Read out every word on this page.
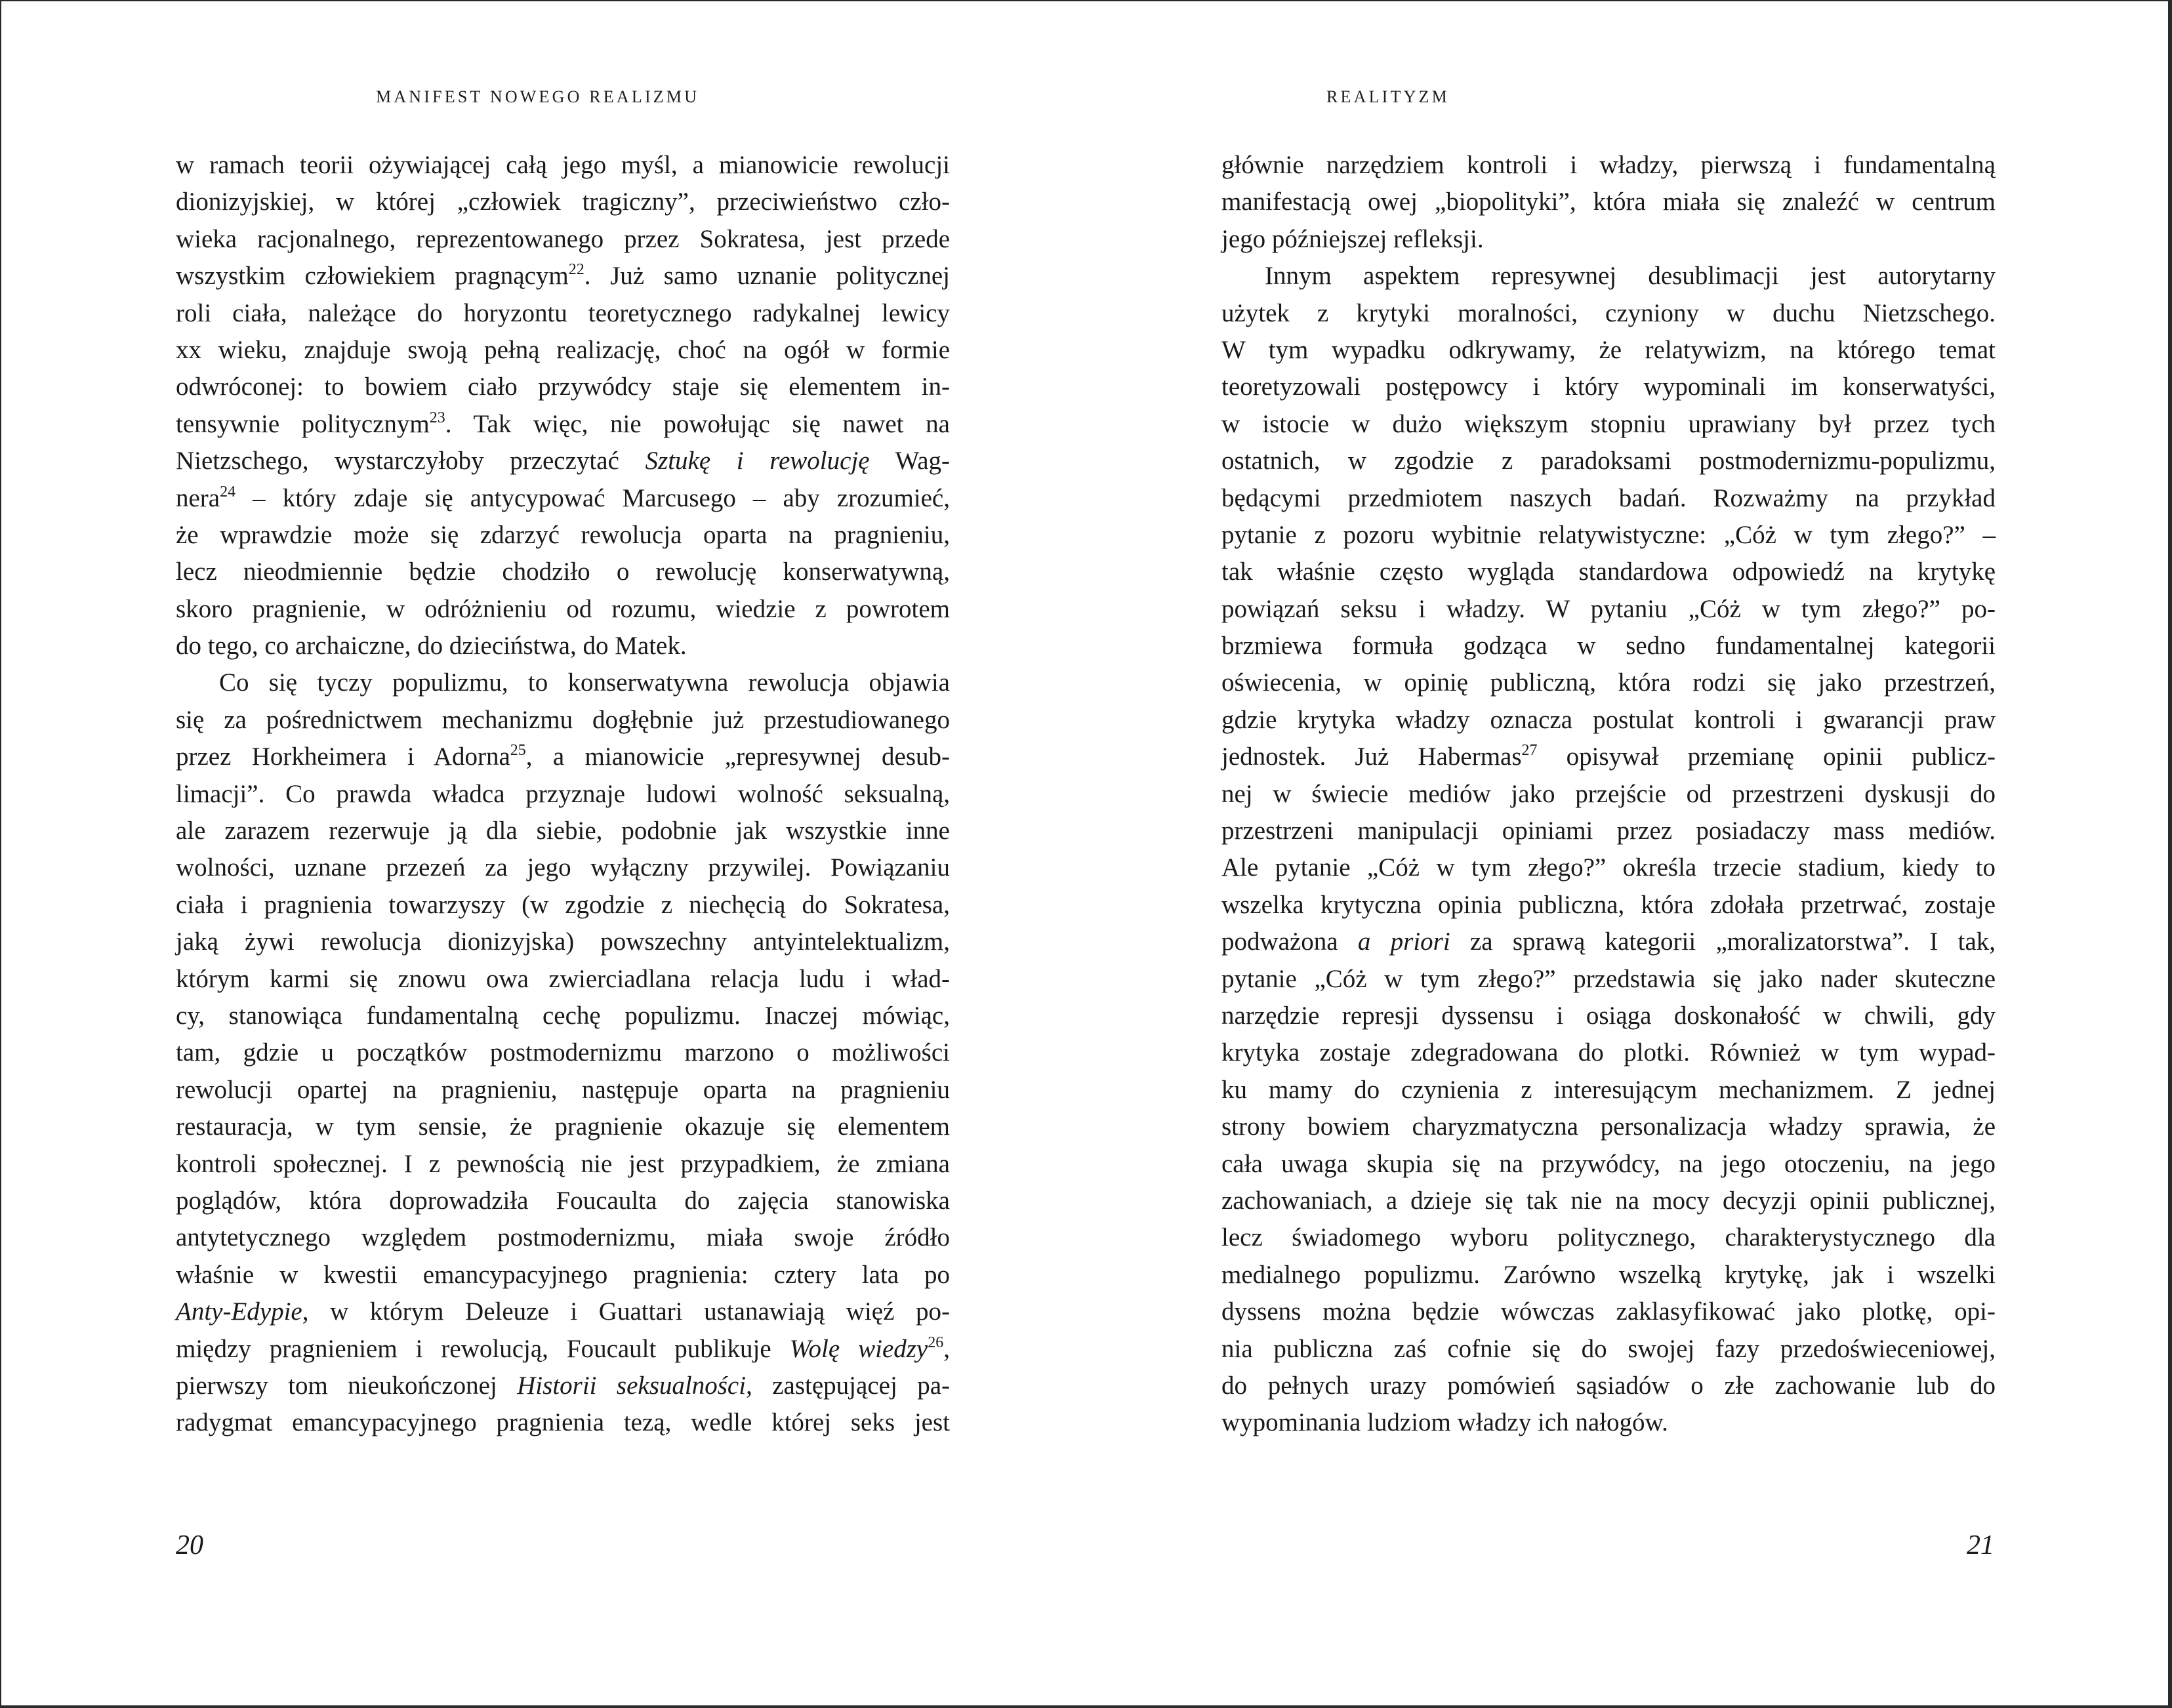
MANIFEST NOWEGO REALIZMU
w ramach teorii ożywiającej całą jego myśl, a mianowicie rewolucji
dionizyjskiej, w której „człowiek tragiczny”, przeciwieństwo czło-
wieka racjonalnego, reprezentowanego przez Sokratesa, jest przede
wszystkim człowiekiem pragnącym$^{22}$. Już samo uznanie politycznej
roli ciała, należące do horyzontu teoretycznego radykalnej lewicy
xx wieku, znajduje swoją pełną realizację, choć na ogół w formie
odwróconej: to bowiem ciało przywódcy staje się elementem in-
tensywnie politycznym$^{23}$. Tak więc, nie powołując się nawet na
Nietzschego, wystarczyłoby przeczytać Sztukę i rewolucję Wag-
nera$^{24}$ – który zdaje się antycypować Marcusego – aby zrozumieć,
że wprawdzie może się zdarzyć rewolucja oparta na pragnieniu,
lecz nieodmiennie będzie chodziło o rewolucję konserwatywną,
skoro pragnienie, w odróżnieniu od rozumu, wiedzie z powrotem
do tego, co archaiczne, do dzieciństwa, do Matek.
Co się tyczy populizmu, to konserwatywna rewolucja objawia
się za pośrednictwem mechanizmu dogłębnie już przestudiowanego
przez Horkheimera i Adorna$^{25}$, a mianowicie „represywnej desub-
limacji”. Co prawda władca przyznaje ludowi wolność seksualną,
ale zarazem rezerwuje ją dla siebie, podobnie jak wszystkie inne
wolności, uznane przezeń za jego wyłączny przywilej. Powiązaniu
ciała i pragnienia towarzyszy (w zgodzie z niechęcią do Sokratesa,
jaką żywi rewolucja dionizyjska) powszechny antyintelektualizm,
którym karmi się znowu owa zwierciadlana relacja ludu i wład-
cy, stanowiąca fundamentalną cechę populizmu. Inaczej mówiąc,
tam, gdzie u początków postmodernizmu marzono o możliwości
rewolucji opartej na pragnieniu, następuje oparta na pragnieniu
restauracja, w tym sensie, że pragnienie okazuje się elementem
kontroli społecznej. I z pewnością nie jest przypadkiem, że zmiana
poglądów, która doprowadziła Foucaulta do zajęcia stanowiska
antytetycznego względem postmodernizmu, miała swoje źródło
właśnie w kwestii emancypacyjnego pragnienia: cztery lata po
Anty-Edypie, w którym Deleuze i Guattari ustanawiają więź po-
między pragnieniem i rewolucją, Foucault publikuje Wolę wiedzy$^{26}$,
pierwszy tom nieukończonej Historii seksualności, zastępującej pa-
radygmat emancypacyjnego pragnienia tezą, wedle której seks jest
20
REALITYZM
głównie narzędziem kontroli i władzy, pierwszą i fundamentalną
manifestacją owej „biopolityki”, która miała się znaleźć w centrum
jego późniejszej refleksji.
Innym aspektem represywnej desublimacji jest autorytarny
użytek z krytyki moralności, czyniony w duchu Nietzschego.
W tym wypadku odkrywamy, że relatywizm, na którego temat
teoretyzowali postępowcy i który wypominali im konserwatyści,
w istocie w dużo większym stopniu uprawiany był przez tych
ostatnich, w zgodzie z paradoksami postmodernizmu-populizmu,
będącymi przedmiotem naszych badań. Rozważmy na przykład
pytanie z pozoru wybitnie relatywistyczne: „Cóż w tym złego?” –
tak właśnie często wygląda standardowa odpowiedź na krytykę
powiązań seksu i władzy. W pytaniu „Cóż w tym złego?” po-
brzmiewa formuła godząca w sedno fundamentalnej kategorii
oświecenia, w opinię publiczną, która rodzi się jako przestrzeń,
gdzie krytyka władzy oznacza postulat kontroli i gwarancji praw
jednostek. Już Habermas$^{27}$ opisywał przemianę opinii publicz-
nej w świecie mediów jako przejście od przestrzeni dyskusji do
przestrzeni manipulacji opiniami przez posiadaczy mass mediów.
Ale pytanie „Cóż w tym złego?” określa trzecie stadium, kiedy to
wszelka krytyczna opinia publiczna, która zdołała przetrwać, zostaje
podważona a priori za sprawą kategorii „moralizatorstwa”. I tak,
pytanie „Cóż w tym złego?” przedstawia się jako nader skuteczne
narzędzie represji dyssensu i osiąga doskonałość w chwili, gdy
krytyka zostaje zdegradowana do plotki. Również w tym wypad-
ku mamy do czynienia z interesującym mechanizmem. Z jednej
strony bowiem charyzmatyczna personalizacja władzy sprawia, że
cała uwaga skupia się na przywódcy, na jego otoczeniu, na jego
zachowaniach, a dzieje się tak nie na mocy decyzji opinii publicznej,
lecz świadomego wyboru politycznego, charakterystycznego dla
medialnego populizmu. Zarówno wszelką krytykę, jak i wszelki
dyssens można będzie wówczas zaklasyfikować jako plotkę, opi-
nia publiczna zaś cofnie się do swojej fazy przedoświeceniowej,
do pełnych urazy pomówień sąsiadów o złe zachowanie lub do
wypominania ludziom władzy ich nałogów.
21
